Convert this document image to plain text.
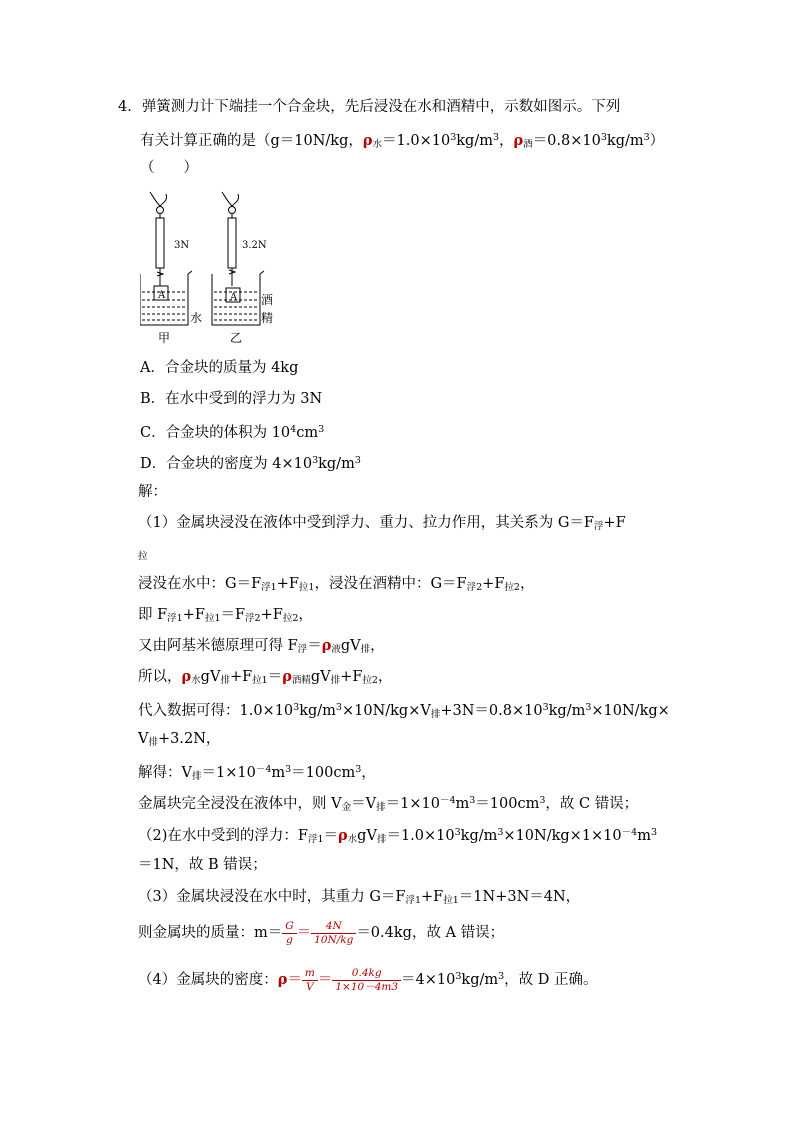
4．弹簧测力计下端挂一个合金块，先后浸没在水和酒精中，示数如图示。下列
有关计算正确的是（g＝10N/kg，$\rho_水=1.0\times 10^3kg/m^3$，$\rho_酒=0.8\times 10^3kg/m^3$）
（　　）
3N	3.2N
A	A
水
酒
精
甲	乙
A．合金块的质量为 4kg
B．在水中受到的浮力为 3N
C．合金块的体积为 $10^4cm^3$
D．合金块的密度为 $4\times 10^3kg/m^3$
解：
（1）金属块浸没在液体中受到浮力、重力、拉力作用，其关系为 $G=F_浮+F$
$_拉$
浸没在水中：$G=F_{浮1}+F_{拉1}$，浸没在酒精中：$G=F_{浮2}+F_{拉2}$，
即 $F_{浮1}+F_{拉1}=F_{浮2}+F_{拉2}$，
又由阿基米德原理可得 $F_浮=\rho_液gV_排$，
所以，$\rho_水gV_排+F_{拉1}=\rho_{酒精}gV_排+F_{拉2}$，
代入数据可得：$1.0\times 10^3kg/m^3\times 10N/kg\times V_排+3N=0.8\times 10^3kg/m^3\times 10N/kg\times$
$V_排+3.2N$，
解得：$V_排=1\times 10^{-4}m^3=100cm^3$，
金属块完全浸没在液体中，则 $V_金=V_排=1\times 10^{-4}m^3=100cm^3$，故 C 错误；
（2)在水中受到的浮力：$F_{浮1}=\rho_水gV_排=1.0\times 10^3kg/m^3\times 10N/kg\times 1\times 10^{-4}m^3$
＝1N，故 B 错误；
（3）金属块浸没在水中时，其重力 $G=F_{浮1}+F_{拉1}=1N+3N=4N$，
则金属块的质量：$m= \frac{G}{g} = \frac{4N}{10N/kg} =0.4kg$，故 A 错误；
（4）金属块的密度：$\rho= \frac{m}{V} = \frac{0.4kg}{1\times 10-4m3} =4\times 10^3kg/m^3$，故 D 正确。
